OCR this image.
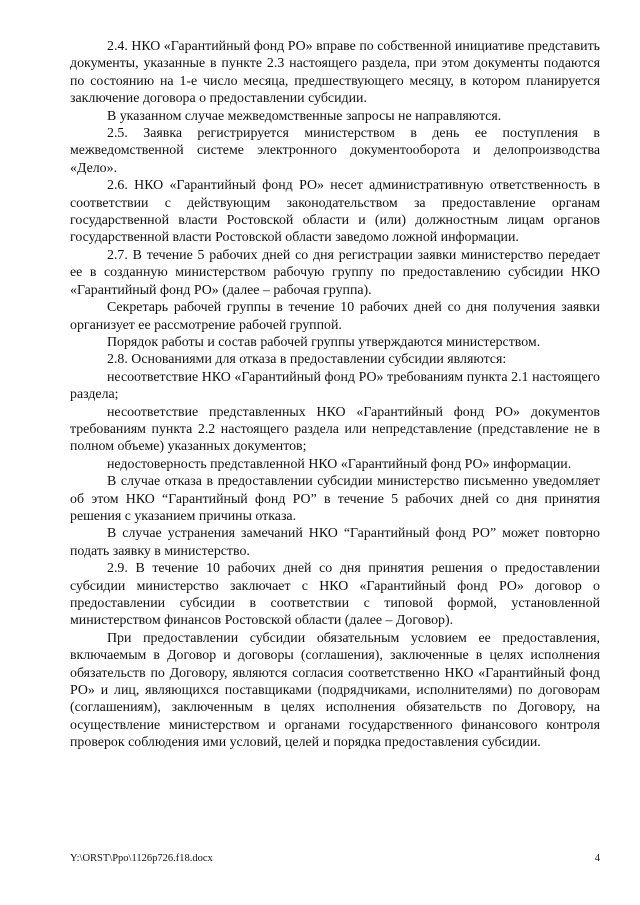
2.4. НКО «Гарантийный фонд РО» вправе по собственной инициативе представить документы, указанные в пункте 2.3 настоящего раздела, при этом документы подаются по состоянию на 1-е число месяца, предшествующего месяцу, в котором планируется заключение договора о предоставлении субсидии.

В указанном случае межведомственные запросы не направляются.

2.5. Заявка регистрируется министерством в день ее поступления в межведомственной системе электронного документооборота и делопроизводства «Дело».

2.6. НКО «Гарантийный фонд РО» несет административную ответственность в соответствии с действующим законодательством за предоставление органам государственной власти Ростовской области и (или) должностным лицам органов государственной власти Ростовской области заведомо ложной информации.

2.7. В течение 5 рабочих дней со дня регистрации заявки министерство передает ее в созданную министерством рабочую группу по предоставлению субсидии НКО «Гарантийный фонд РО» (далее – рабочая группа).

Секретарь рабочей группы в течение 10 рабочих дней со дня получения заявки организует ее рассмотрение рабочей группой.

Порядок работы и состав рабочей группы утверждаются министерством.

2.8. Основаниями для отказа в предоставлении субсидии являются:

несоответствие НКО «Гарантийный фонд РО» требованиям пункта 2.1 настоящего раздела;

несоответствие представленных НКО «Гарантийный фонд РО» документов требованиям пункта 2.2 настоящего раздела или непредставление (представление не в полном объеме) указанных документов;

недостоверность представленной НКО «Гарантийный фонд РО» информации.

В случае отказа в предоставлении субсидии министерство письменно уведомляет об этом НКО “Гарантийный фонд РО” в течение 5 рабочих дней со дня принятия решения с указанием причины отказа.

В случае устранения замечаний НКО “Гарантийный фонд РО” может повторно подать заявку в министерство.

2.9. В течение 10 рабочих дней со дня принятия решения о предоставлении субсидии министерство заключает с НКО «Гарантийный фонд РО» договор о предоставлении субсидии в соответствии с типовой формой, установленной министерством финансов Ростовской области (далее – Договор).

При предоставлении субсидии обязательным условием ее предоставления, включаемым в Договор и договоры (соглашения), заключенные в целях исполнения обязательств по Договору, являются согласия соответственно НКО «Гарантийный фонд РО» и лиц, являющихся поставщиками (подрядчиками, исполнителями) по договорам (соглашениям), заключенным в целях исполнения обязательств по Договору, на осуществление министерством и органами государственного финансового контроля проверок соблюдения ими условий, целей и порядка предоставления субсидии.

Y:\ORST\Ppo\1126p726.f18.docx	4
